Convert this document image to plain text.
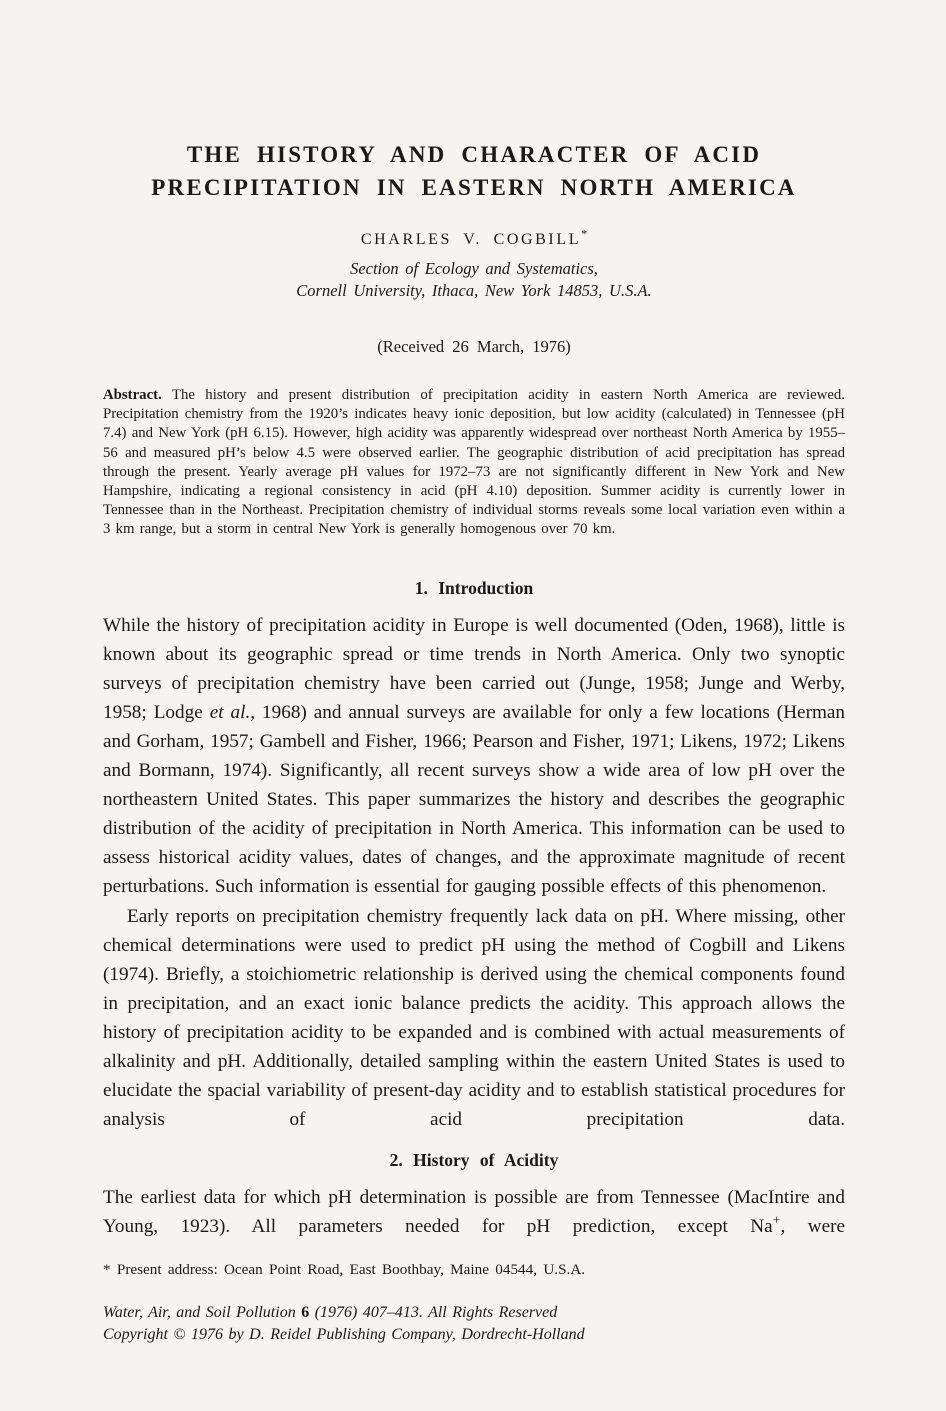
THE HISTORY AND CHARACTER OF ACID
PRECIPITATION IN EASTERN NORTH AMERICA
CHARLES V. COGBILL*
Section of Ecology and Systematics,
Cornell University, Ithaca, New York 14853, U.S.A.
(Received 26 March, 1976)
Abstract. The history and present distribution of precipitation acidity in eastern North America are reviewed. Precipitation chemistry from the 1920’s indicates heavy ionic deposition, but low acidity (calculated) in Tennessee (pH 7.4) and New York (pH 6.15). However, high acidity was apparently widespread over northeast North America by 1955–56 and measured pH’s below 4.5 were observed earlier. The geographic distribution of acid precipitation has spread through the present. Yearly average pH values for 1972–73 are not significantly different in New York and New Hampshire, indicating a regional consistency in acid (pH 4.10) deposition. Summer acidity is currently lower in Tennessee than in the Northeast. Precipitation chemistry of individual storms reveals some local variation even within a 3 km range, but a storm in central New York is generally homogenous over 70 km.
1. Introduction

While the history of precipitation acidity in Europe is well documented (Oden, 1968), little is known about its geographic spread or time trends in North America. Only two synoptic surveys of precipitation chemistry have been carried out (Junge, 1958; Junge and Werby, 1958; Lodge et al., 1968) and annual surveys are available for only a few locations (Herman and Gorham, 1957; Gambell and Fisher, 1966; Pearson and Fisher, 1971; Likens, 1972; Likens and Bormann, 1974). Significantly, all recent surveys show a wide area of low pH over the northeastern United States. This paper summarizes the history and describes the geographic distribution of the acidity of precipitation in North America. This information can be used to assess historical acidity values, dates of changes, and the approximate magnitude of recent perturbations. Such information is essential for gauging possible effects of this phenomenon.

Early reports on precipitation chemistry frequently lack data on pH. Where missing, other chemical determinations were used to predict pH using the method of Cogbill and Likens (1974). Briefly, a stoichiometric relationship is derived using the chemical components found in precipitation, and an exact ionic balance predicts the acidity. This approach allows the history of precipitation acidity to be expanded and is combined with actual measurements of alkalinity and pH. Additionally, detailed sampling within the eastern United States is used to elucidate the spacial variability of present-day acidity and to establish statistical procedures for analysis of acid precipitation data.

2. History of Acidity

The earliest data for which pH determination is possible are from Tennessee (MacIntire and Young, 1923). All parameters needed for pH prediction, except Na+, were

* Present address: Ocean Point Road, East Boothbay, Maine 04544, U.S.A.
Water, Air, and Soil Pollution 6 (1976) 407–413. All Rights Reserved
Copyright © 1976 by D. Reidel Publishing Company, Dordrecht-Holland
